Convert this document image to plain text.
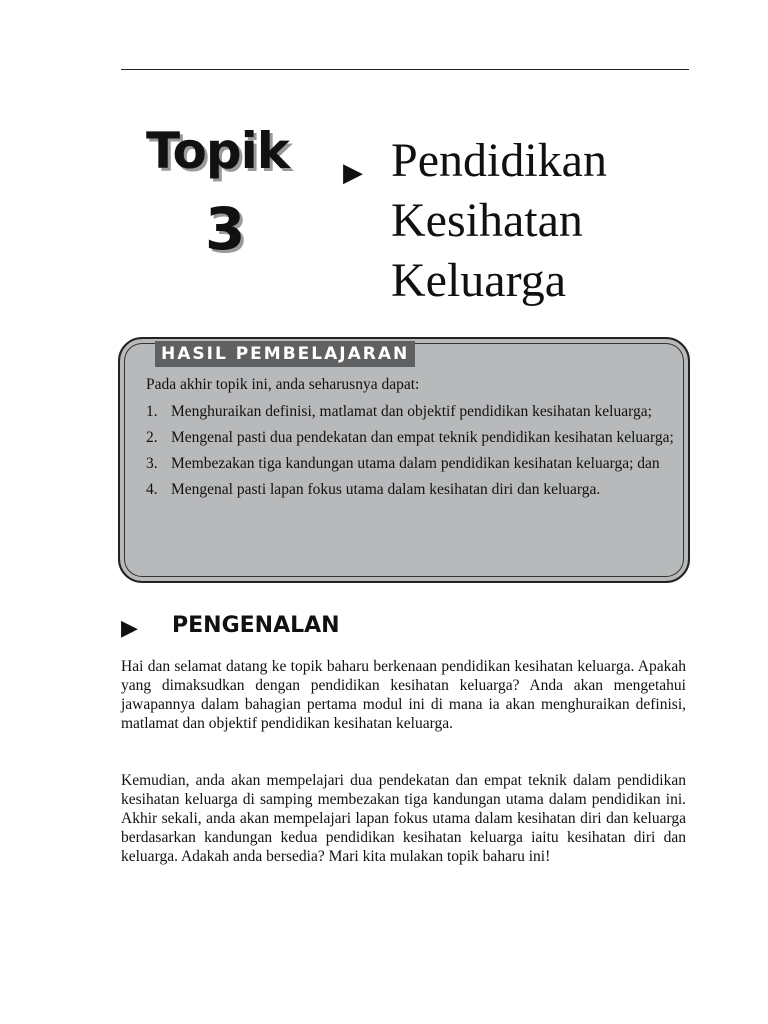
Topik
3
▶ Pendidikan
Kesihatan
Keluarga
HASIL PEMBELAJARAN
Pada akhir topik ini, anda seharusnya dapat:
1. Menghuraikan definisi, matlamat dan objektif pendidikan kesihatan keluarga;
2. Mengenal pasti dua pendekatan dan empat teknik pendidikan kesihatan keluarga;
3. Membezakan tiga kandungan utama dalam pendidikan kesihatan keluarga; dan
4. Mengenal pasti lapan fokus utama dalam kesihatan diri dan keluarga.
▶ PENGENALAN

Hai dan selamat datang ke topik baharu berkenaan pendidikan kesihatan keluarga. Apakah yang dimaksudkan dengan pendidikan kesihatan keluarga? Anda akan mengetahui jawapannya dalam bahagian pertama modul ini di mana ia akan menghuraikan definisi, matlamat dan objektif pendidikan kesihatan keluarga.

Kemudian, anda akan mempelajari dua pendekatan dan empat teknik dalam pendidikan kesihatan keluarga di samping membezakan tiga kandungan utama dalam pendidikan ini. Akhir sekali, anda akan mempelajari lapan fokus utama dalam kesihatan diri dan keluarga berdasarkan kandungan kedua pendidikan kesihatan keluarga iaitu kesihatan diri dan keluarga. Adakah anda bersedia? Mari kita mulakan topik baharu ini!
